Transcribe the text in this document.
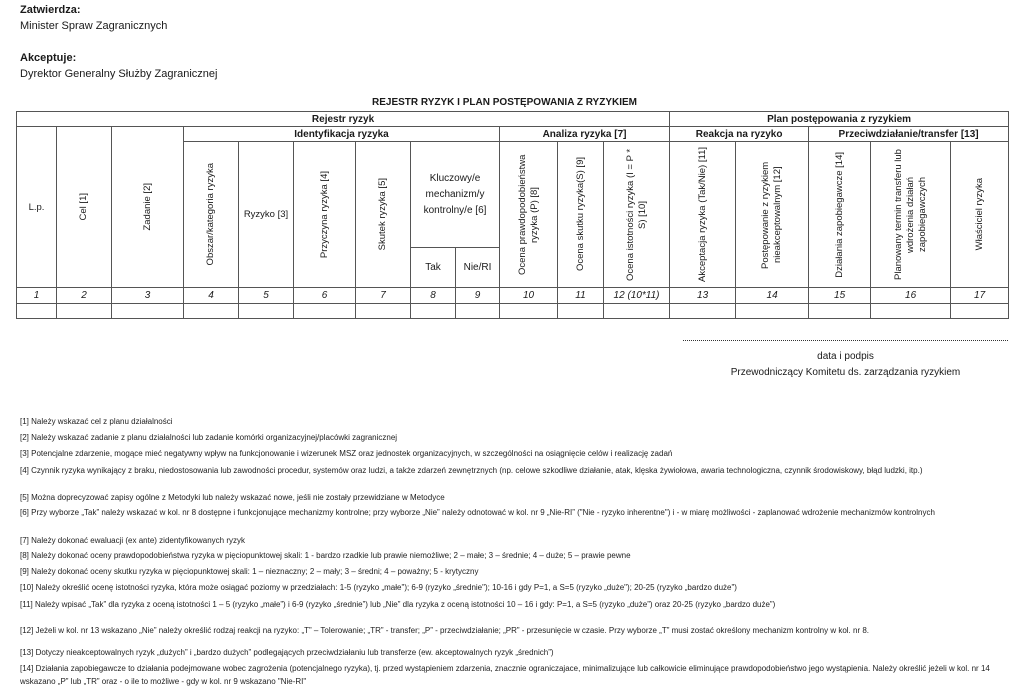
Zatwierdza:
Minister Spraw Zagranicznych
Akceptuje:
Dyrektor Generalny Służby Zagranicznej
REJESTR RYZYK I PLAN POSTĘPOWANIA Z RYZYKIEM
Rejestr ryzyk												Plan postępowania z ryzykiem				
L.p.	Cel [1]	Zadanie [2]	Identyfikacja ryzyka						Analiza ryzyka [7]			Reakcja na ryzyko		Przeciwdziałanie/transfer [13]		

			Obszar/kategoria ryzyka	Ryzyko [3]	Przyczyna ryzyka [4]	Skutek ryzyka [5]	Kluczowy/e mechanizm/y kontrolny/e [6]		Ocena prawdopodobieństwa ryzyka (P) [8]	Ocena skutku ryzyka(S) [9]	Ocena istotności ryzyka (I = P * S) [10]	Akceptacja ryzyka (Tak/Nie) [11]	Postępowanie z ryzykiem nieakceptowalnym [12]	Działania zapobiegawcze [14]	Planowany termin transferu lub wdrożenia działań zapobiegawczych	Właściciel ryzyka

							Tak	Nie/RI								
1	2	3	4	5	6	7	8	9	10	11	12 (10*11)	13	14	15	16	17

data i podpis
Przewodniczący Komitetu ds. zarządzania ryzykiem
[1] Należy wskazać cel z planu działalności
[2] Należy wskazać zadanie z planu działalności lub zadanie komórki organizacyjnej/placówki zagranicznej
[3] Potencjalne zdarzenie, mogące mieć negatywny wpływ na funkcjonowanie i wizerunek MSZ oraz jednostek organizacyjnych, w szczególności na osiągnięcie celów i realizację zadań
[4] Czynnik ryzyka wynikający z braku, niedostosowania lub zawodności procedur, systemów oraz ludzi, a także zdarzeń zewnętrznych (np. celowe szkodliwe działanie, atak, klęska żywiołowa, awaria technologiczna, czynnik środowiskowy, błąd ludzki, itp.)
[5] Można doprecyzować zapisy ogólne z Metodyki lub należy wskazać nowe, jeśli nie zostały przewidziane w Metodyce
[6] Przy wyborze „Tak” należy wskazać w kol. nr 8 dostępne i funkcjonujące mechanizmy kontrolne; przy wyborze „Nie” należy odnotować w kol. nr 9 „Nie-RI” ("Nie - ryzyko inherentne") i - w miarę możliwości - zaplanować wdrożenie mechanizmów kontrolnych
[7] Należy dokonać ewaluacji (ex ante) zidentyfikowanych ryzyk
[8] Należy dokonać oceny prawdopodobieństwa ryzyka w pięciopunktowej skali: 1 - bardzo rzadkie lub prawie niemożliwe; 2 – małe; 3 – średnie; 4 – duże; 5 – prawie pewne
[9] Należy dokonać oceny skutku ryzyka w pięciopunktowej skali: 1 – nieznaczny; 2 – mały; 3 – średni; 4 – poważny; 5 - krytyczny
[10] Należy określić ocenę istotności ryzyka, która może osiągać poziomy w przedziałach: 1-5 (ryzyko „małe"); 6-9 (ryzyko „średnie"); 10-16 i gdy P=1, a S=5 (ryzyko „duże"); 20-25 (ryzyko „bardzo duże")
[11] Należy wpisać „Tak” dla ryzyka z oceną istotności 1 – 5 (ryzyko „małe”) i 6-9 (ryzyko „średnie”) lub „Nie” dla ryzyka z oceną istotności 10 – 16 i gdy: P=1, a S=5 (ryzyko „duże”) oraz 20-25 (ryzyko „bardzo duże”)
[12] Jeżeli w kol. nr 13 wskazano „Nie” należy określić rodzaj reakcji na ryzyko: „T” – Tolerowanie; „TR” - transfer; „P” - przeciwdziałanie; „PR” - przesunięcie w czasie. Przy wyborze „T” musi zostać określony mechanizm kontrolny w kol. nr 8.
[13] Dotyczy nieakceptowalnych ryzyk „dużych” i „bardzo dużych” podlegających przeciwdziałaniu lub transferze (ew. akceptowalnych ryzyk „średnich”)
[14] Działania zapobiegawcze to działania podejmowane wobec zagrożenia (potencjalnego ryzyka), tj. przed wystąpieniem zdarzenia, znacznie ograniczajace, minimalizujące lub całkowicie eliminujące prawdopodobieństwo jego wystąpienia. Należy określić jeżeli w kol. nr 14 wskazano „P” lub „TR” oraz - o ile to możliwe - gdy w kol. nr 9 wskazano "Nie-RI"
